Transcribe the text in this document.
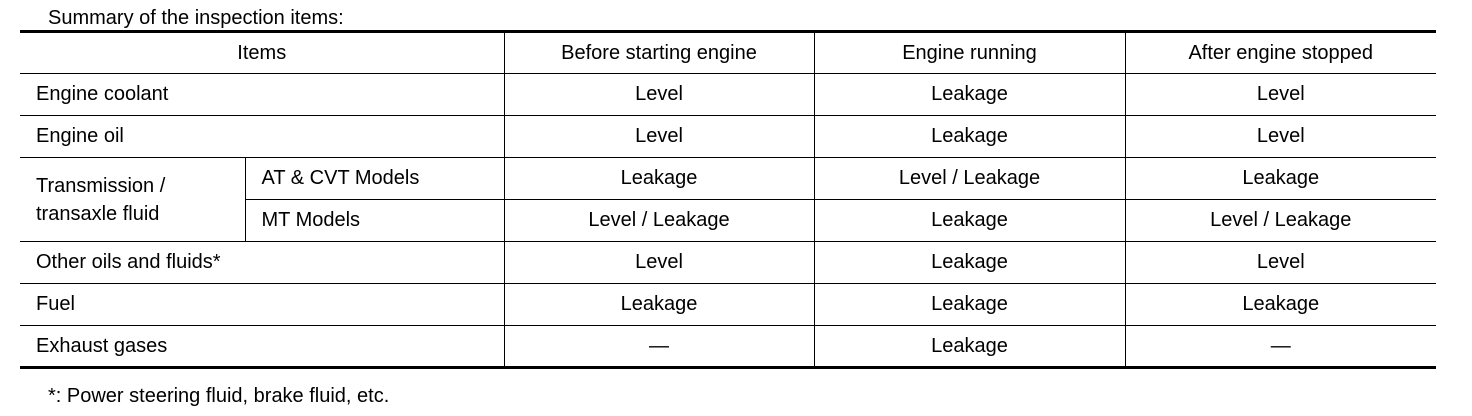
Summary of the inspection items:
Items		Before starting engine	Engine running	After engine stopped
Engine coolant		Level	Leakage	Level
Engine oil		Level	Leakage	Level
Transmission /
transaxle fluid	AT & CVT Models	Leakage	Level / Leakage	Leakage
	MT Models	Level / Leakage	Leakage	Level / Leakage
Other oils and fluids*		Level	Leakage	Level
Fuel		Leakage	Leakage	Leakage
Exhaust gases		—	Leakage	—
*: Power steering fluid, brake fluid, etc.
